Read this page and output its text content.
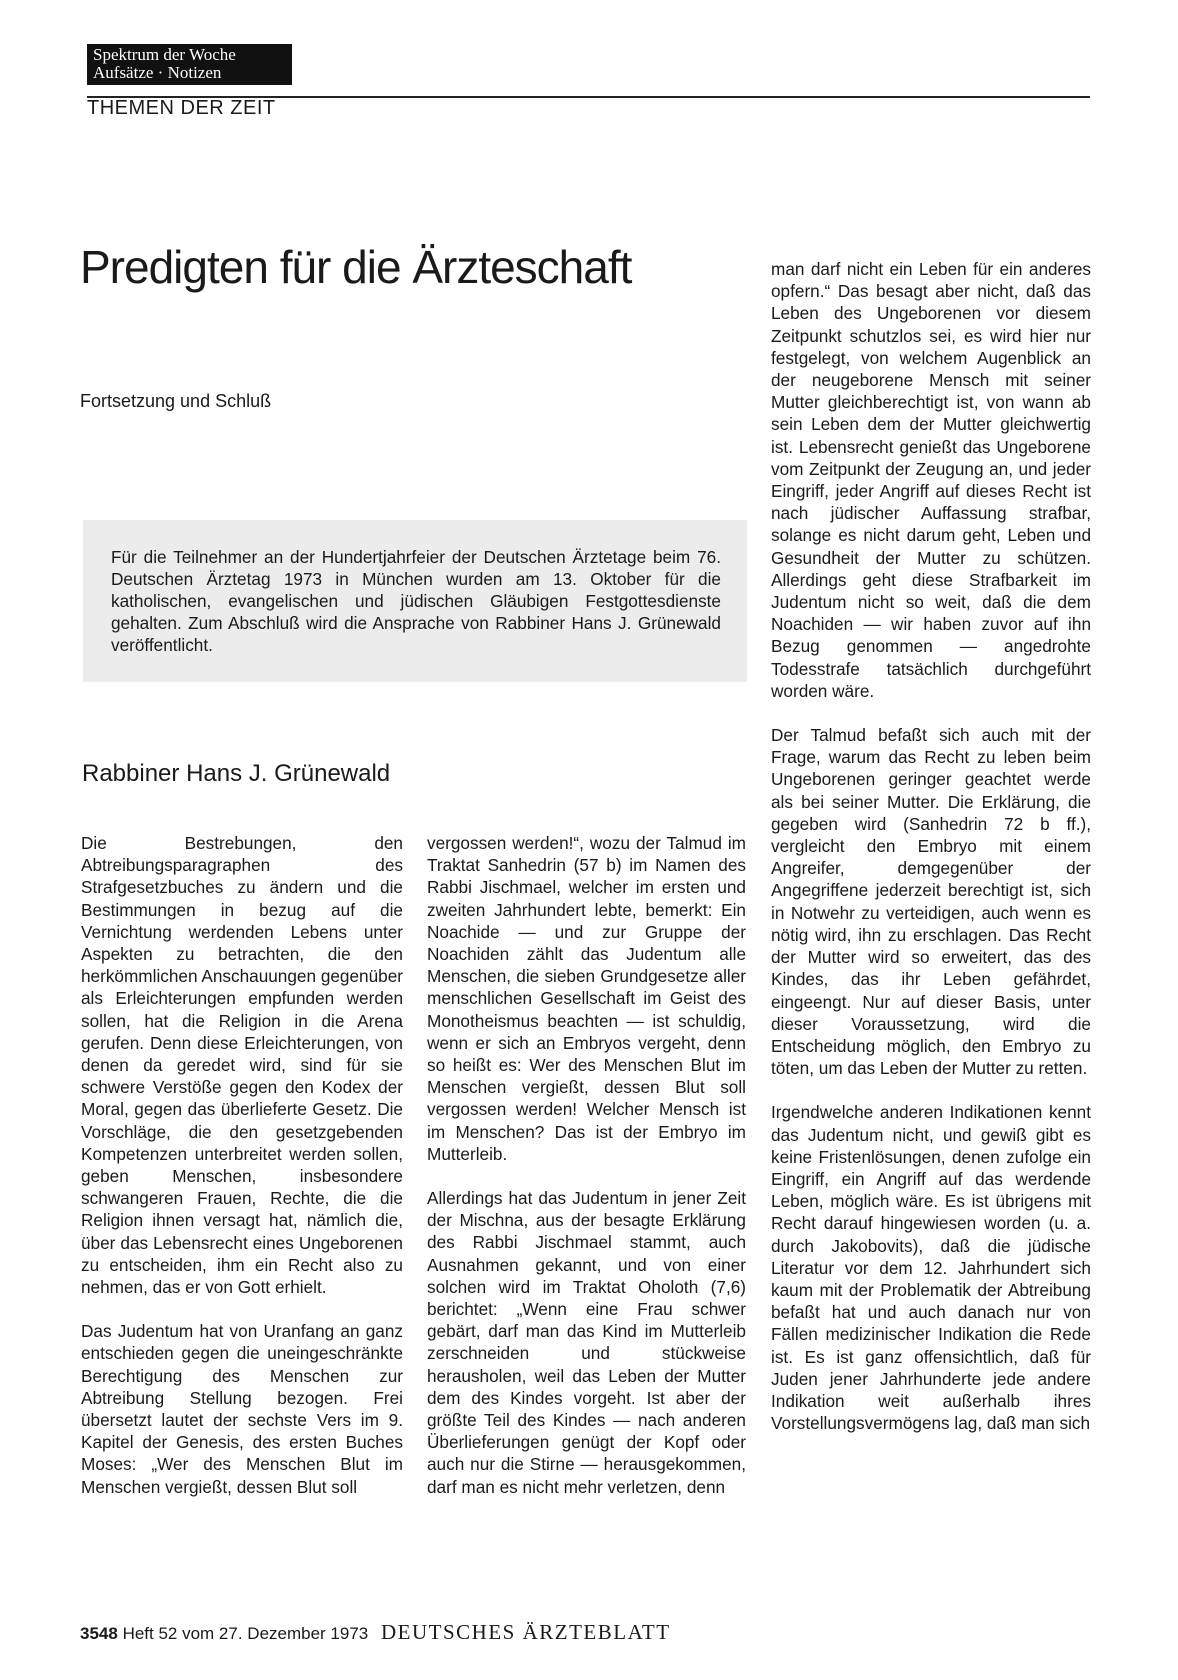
Spektrum der Woche
Aufsätze · Notizen
THEMEN DER ZEIT
Predigten für die Ärzteschaft
Fortsetzung und Schluß
Für die Teilnehmer an der Hundertjahrfeier der Deutschen Ärztetage beim 76. Deutschen Ärztetag 1973 in München wurden am 13. Oktober für die katholischen, evangelischen und jüdischen Gläubigen Festgottesdienste gehalten. Zum Abschluß wird die Ansprache von Rabbiner Hans J. Grünewald veröffentlicht.
Rabbiner Hans J. Grünewald

Die Bestrebungen, den Abtreibungsparagraphen des Strafgesetzbuches zu ändern und die Bestimmungen in bezug auf die Vernichtung werdenden Lebens unter Aspekten zu betrachten, die den herkömmlichen Anschauungen gegenüber als Erleichterungen empfunden werden sollen, hat die Religion in die Arena gerufen. Denn diese Erleichterungen, von denen da geredet wird, sind für sie schwere Verstöße gegen den Kodex der Moral, gegen das überlieferte Gesetz. Die Vorschläge, die den gesetzgebenden Kompetenzen unterbreitet werden sollen, geben Menschen, insbesondere schwangeren Frauen, Rechte, die die Religion ihnen versagt hat, nämlich die, über das Lebensrecht eines Ungeborenen zu entscheiden, ihm ein Recht also zu nehmen, das er von Gott erhielt.

Das Judentum hat von Uranfang an ganz entschieden gegen die uneingeschränkte Berechtigung des Menschen zur Abtreibung Stellung bezogen. Frei übersetzt lautet der sechste Vers im 9. Kapitel der Genesis, des ersten Buches Moses: „Wer des Menschen Blut im Menschen vergießt, dessen Blut soll

vergossen werden!“, wozu der Talmud im Traktat Sanhedrin (57 b) im Namen des Rabbi Jischmael, welcher im ersten und zweiten Jahrhundert lebte, bemerkt: Ein Noachide — und zur Gruppe der Noachiden zählt das Judentum alle Menschen, die sieben Grundgesetze aller menschlichen Gesellschaft im Geist des Monotheismus beachten — ist schuldig, wenn er sich an Embryos vergeht, denn so heißt es: Wer des Menschen Blut im Menschen vergießt, dessen Blut soll vergossen werden! Welcher Mensch ist im Menschen? Das ist der Embryo im Mutterleib.

Allerdings hat das Judentum in jener Zeit der Mischna, aus der besagte Erklärung des Rabbi Jischmael stammt, auch Ausnahmen gekannt, und von einer solchen wird im Traktat Oholoth (7,6) berichtet: „Wenn eine Frau schwer gebärt, darf man das Kind im Mutterleib zerschneiden und stückweise herausholen, weil das Leben der Mutter dem des Kindes vorgeht. Ist aber der größte Teil des Kindes — nach anderen Überlieferungen genügt der Kopf oder auch nur die Stirne — herausgekommen, darf man es nicht mehr verletzen, denn

man darf nicht ein Leben für ein anderes opfern.“ Das besagt aber nicht, daß das Leben des Ungeborenen vor diesem Zeitpunkt schutzlos sei, es wird hier nur festgelegt, von welchem Augenblick an der neugeborene Mensch mit seiner Mutter gleichberechtigt ist, von wann ab sein Leben dem der Mutter gleichwertig ist. Lebensrecht genießt das Ungeborene vom Zeitpunkt der Zeugung an, und jeder Eingriff, jeder Angriff auf dieses Recht ist nach jüdischer Auffassung strafbar, solange es nicht darum geht, Leben und Gesundheit der Mutter zu schützen. Allerdings geht diese Strafbarkeit im Judentum nicht so weit, daß die dem Noachiden — wir haben zuvor auf ihn Bezug genommen — angedrohte Todesstrafe tatsächlich durchgeführt worden wäre.

Der Talmud befaßt sich auch mit der Frage, warum das Recht zu leben beim Ungeborenen geringer geachtet werde als bei seiner Mutter. Die Erklärung, die gegeben wird (Sanhedrin 72 b ff.), vergleicht den Embryo mit einem Angreifer, demgegenüber der Angegriffene jederzeit berechtigt ist, sich in Notwehr zu verteidigen, auch wenn es nötig wird, ihn zu erschlagen. Das Recht der Mutter wird so erweitert, das des Kindes, das ihr Leben gefährdet, eingeengt. Nur auf dieser Basis, unter dieser Voraussetzung, wird die Entscheidung möglich, den Embryo zu töten, um das Leben der Mutter zu retten.

Irgendwelche anderen Indikationen kennt das Judentum nicht, und gewiß gibt es keine Fristenlösungen, denen zufolge ein Eingriff, ein Angriff auf das werdende Leben, möglich wäre. Es ist übrigens mit Recht darauf hingewiesen worden (u. a. durch Jakobovits), daß die jüdische Literatur vor dem 12. Jahrhundert sich kaum mit der Problematik der Abtreibung befaßt hat und auch danach nur von Fällen medizinischer Indikation die Rede ist. Es ist ganz offensichtlich, daß für Juden jener Jahrhunderte jede andere Indikation weit außerhalb ihres Vorstellungsvermögens lag, daß man sich

3548 Heft 52 vom 27. Dezember 1973 DEUTSCHES ÄRZTEBLATT
